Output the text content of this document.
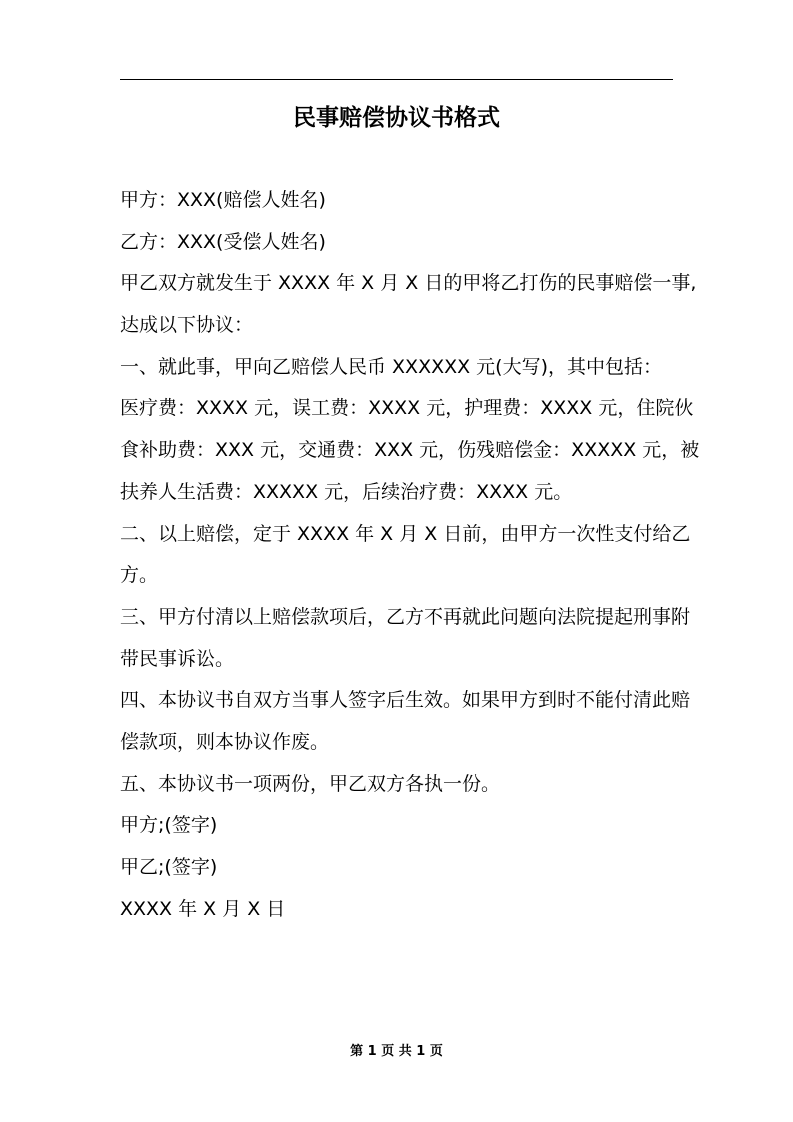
民事赔偿协议书格式
甲方：XXX(赔偿人姓名)
乙方：XXX(受偿人姓名)
甲乙双方就发生于 XXXX 年 X 月 X 日的甲将乙打伤的民事赔偿一事,
达成以下协议：
一、就此事，甲向乙赔偿人民币 XXXXXX 元(大写)，其中包括：
医疗费：XXXX 元，误工费：XXXX 元，护理费：XXXX 元，住院伙
食补助费：XXX 元，交通费：XXX 元，伤残赔偿金：XXXXX 元，被
扶养人生活费：XXXXX 元，后续治疗费：XXXX 元。
二、以上赔偿，定于 XXXX 年 X 月 X 日前，由甲方一次性支付给乙
方。
三、甲方付清以上赔偿款项后，乙方不再就此问题向法院提起刑事附
带民事诉讼。
四、本协议书自双方当事人签字后生效。如果甲方到时不能付清此赔
偿款项，则本协议作废。
五、本协议书一项两份，甲乙双方各执一份。
甲方;(签字)
甲乙;(签字)
XXXX 年 X 月 X 日
第 1 页 共 1 页
